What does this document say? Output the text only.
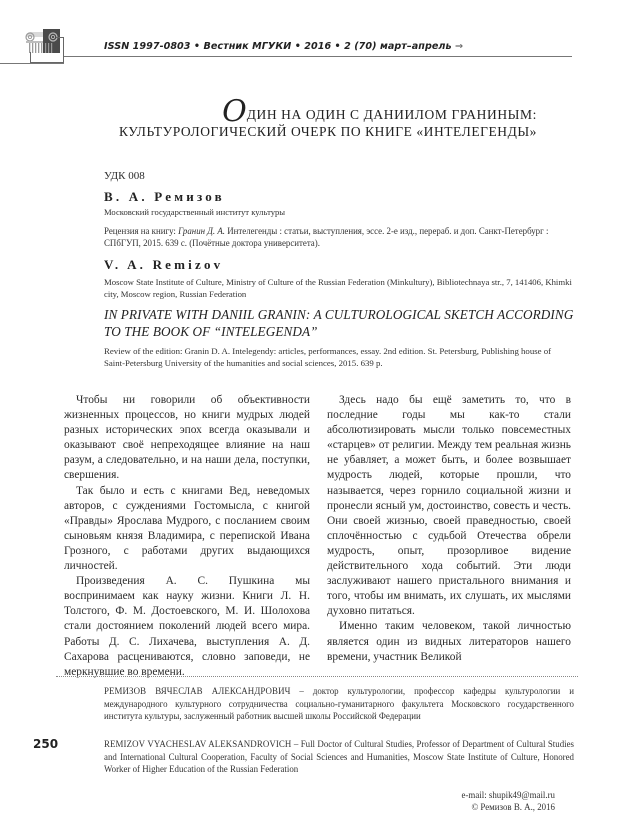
ISSN 1997-0803 • Вестник МГУКИ • 2016 • 2 (70) март–апрель ⇒
ОДИН НА ОДИН С ДАНИИЛОМ ГРАНИНЫМ:
КУЛЬТУРОЛОГИЧЕСКИЙ ОЧЕРК ПО КНИГЕ «ИНТЕЛЕГЕНДЫ»
УДК 008
В. А. Ремизов
Московский государственный институт культуры
Рецензия на книгу: Гранин Д. А. Интелегенды : статьи, выступления, эссе. 2-е изд., перераб. и доп. Санкт-Петербург : СПбГУП, 2015. 639 с. (Почётные доктора университета).
V. A. Remizov
Moscow State Institute of Culture, Ministry of Culture of the Russian Federation (Minkultury), Bibliotechnaya str., 7, 141406, Khimki city, Moscow region, Russian Federation
IN PRIVATE WITH DANIIL GRANIN: A CULTUROLOGICAL SKETCH ACCORDING TO THE BOOK OF “INTELEGENDA”
Review of the edition: Granin D. A. Intelegendy: articles, performances, essay. 2nd edition. St. Petersburg, Publishing house of Saint-Petersburg University of the humanities and social sciences, 2015. 639 p.

Чтобы ни говорили об объективности жизненных процессов, но книги мудрых людей разных исторических эпох всегда оказывали и оказывают своё непреходящее влияние на наш разум, а следовательно, и на наши дела, поступки, свершения.

Так было и есть с книгами Вед, неведомых авторов, с суждениями Гостомысла, с книгой «Правды» Ярослава Мудрого, с посланием своим сыновьям князя Владимира, с перепиской Ивана Грозного, с работами других выдающихся личностей.

Произведения А. С. Пушкина мы воспринимаем как науку жизни. Книги Л. Н. Толстого, Ф. М. Достоевского, М. И. Шолохова стали достоянием поколений людей всего мира. Работы Д. С. Лихачева, выступления А. Д. Сахарова расцениваются, словно заповеди, не меркнувшие во времени.

Здесь надо бы ещё заметить то, что в последние годы мы как-то стали абсолютизировать мысли только повсеместных «старцев» от религии. Между тем реальная жизнь не убавляет, а может быть, и более возвышает мудрость людей, которые прошли, что называется, через горнило социальной жизни и пронесли ясный ум, достоинство, совесть и честь. Они своей жизнью, своей праведностью, своей сплочённостью с судьбой Отечества обрели мудрость, опыт, прозорливое видение действительного хода событий. Эти люди заслуживают нашего пристального внимания и того, чтобы им внимать, их слушать, их мыслями духовно питаться.

Именно таким человеком, такой личностью является один из видных литераторов нашего времени, участник Великой

РЕМИЗОВ ВЯЧЕСЛАВ АЛЕКСАНДРОВИЧ – доктор культурологии, профессор кафедры культурологии и международного культурного сотрудничества социально-гуманитарного факультета Московского государственного института культуры, заслуженный работник высшей школы Российской Федерации
250	REMIZOV VYACHESLAV ALEKSANDROVICH – Full Doctor of Cultural Studies, Professor of Department of Cultural Studies and International Cultural Cooperation, Faculty of Social Sciences and Humanities, Moscow State Institute of Culture, Honored Worker of Higher Education of the Russian Federation
e-mail: shupik49@mail.ru
© Ремизов В. А., 2016
